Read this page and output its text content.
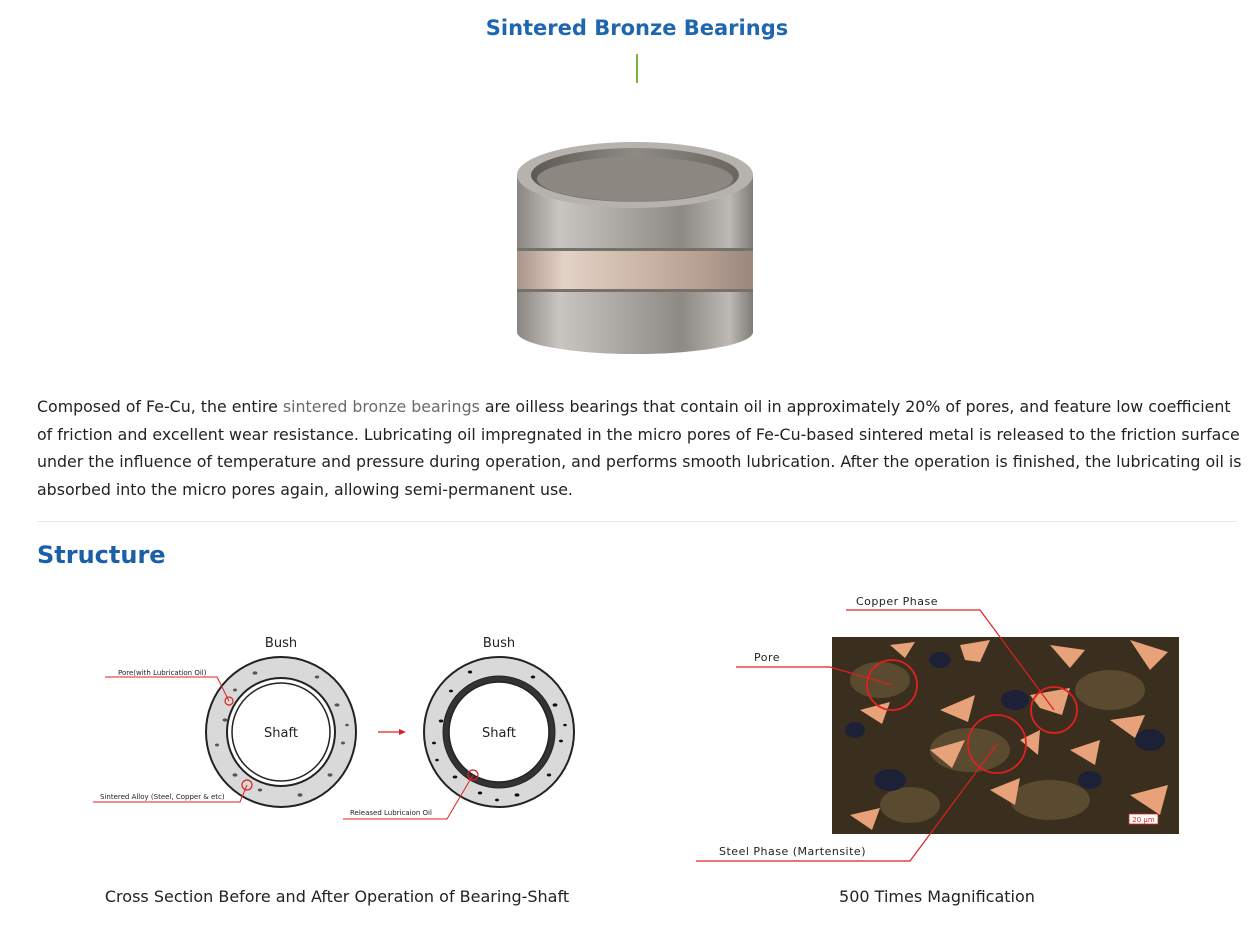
Sintered Bronze Bearings

Composed of Fe-Cu, the entire sintered bronze bearings are oilless bearings that contain oil in approximately 20% of pores, and feature low coefficient of friction and excellent wear resistance. Lubricating oil impregnated in the micro pores of Fe-Cu-based sintered metal is released to the friction surface under the influence of temperature and pressure during operation, and performs smooth lubrication. After the operation is finished, the lubricating oil is absorbed into the micro pores again, allowing semi-permanent use.

Structure
Bush
Shaft
Pore(with Lubrication Oil)
Sintered Alloy (Steel, Copper & etc)
Bush
Shaft
Released Lubricaion Oil
20 μm
Copper Phase
Pore
Steel Phase (Martensite)

Cross Section Before and After Operation of Bearing-Shaft	500 Times Magnification
